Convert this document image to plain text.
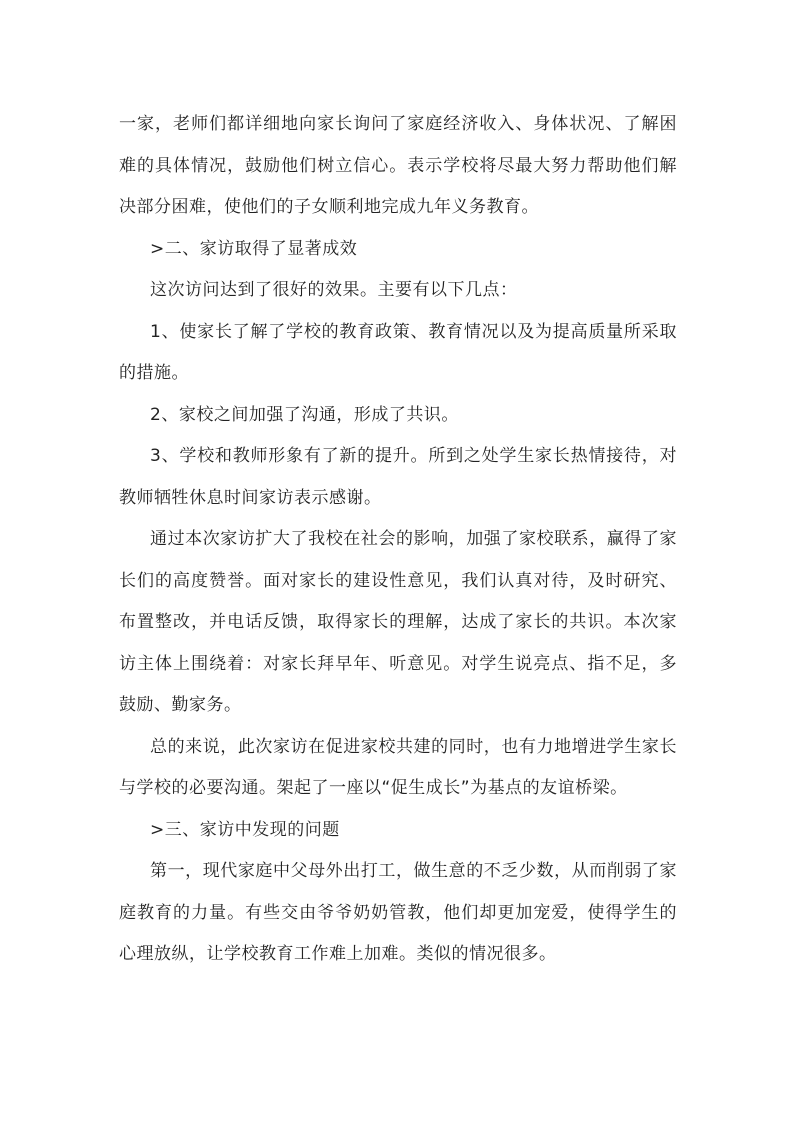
一家，老师们都详细地向家长询问了家庭经济收入、身体状况、了解困难的具体情况，鼓励他们树立信心。表示学校将尽最大努力帮助他们解决部分困难，使他们的子女顺利地完成九年义务教育。

>二、家访取得了显著成效

这次访问达到了很好的效果。主要有以下几点：

1、使家长了解了学校的教育政策、教育情况以及为提高质量所采取的措施。

2、家校之间加强了沟通，形成了共识。

3、学校和教师形象有了新的提升。所到之处学生家长热情接待，对教师牺牲休息时间家访表示感谢。

通过本次家访扩大了我校在社会的影响，加强了家校联系，赢得了家长们的高度赞誉。面对家长的建设性意见，我们认真对待，及时研究、布置整改，并电话反馈，取得家长的理解，达成了家长的共识。本次家访主体上围绕着：对家长拜早年、听意见。对学生说亮点、指不足，多鼓励、勤家务。

总的来说，此次家访在促进家校共建的同时，也有力地增进学生家长与学校的必要沟通。架起了一座以“促生成长”为基点的友谊桥梁。

>三、家访中发现的问题

第一，现代家庭中父母外出打工，做生意的不乏少数，从而削弱了家庭教育的力量。有些交由爷爷奶奶管教，他们却更加宠爱，使得学生的心理放纵，让学校教育工作难上加难。类似的情况很多。
